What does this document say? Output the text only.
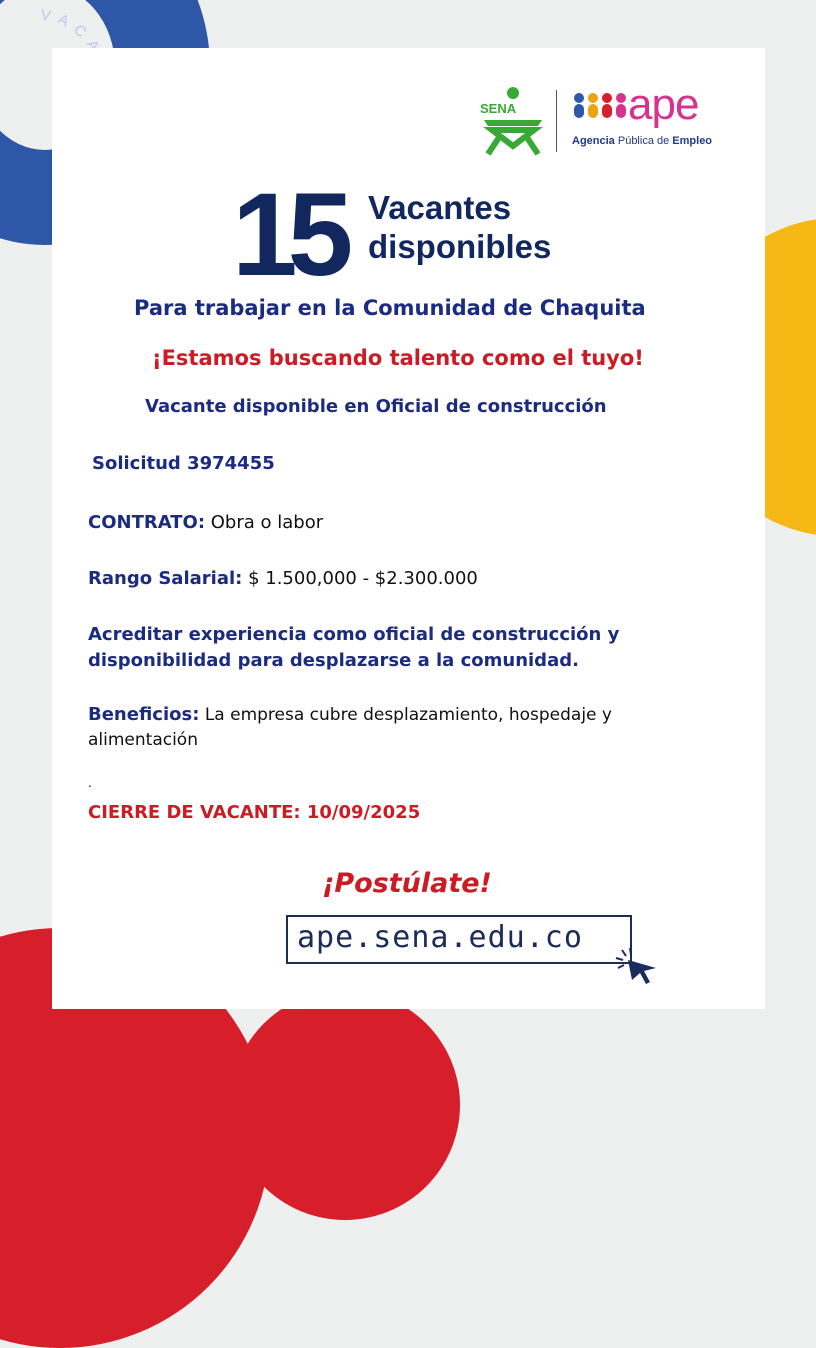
VAC
SENA	ape
Agencia Pública de Empleo
15 Vacantes
disponibles
Para trabajar en la Comunidad de Chaquita
¡Estamos buscando talento como el tuyo!
Vacante disponible en Oficial de construcción
Solicitud 3974455
CONTRATO: Obra o labor
Rango Salarial: $ 1.500,000 - $2.300.000
Acreditar experiencia como oficial de construcción y
disponibilidad para desplazarse a la comunidad.
Beneficios: La empresa cubre desplazamiento, hospedaje y
alimentación
.
CIERRE DE VACANTE: 10/09/2025
¡Postúlate!
ape.sena.edu.co
